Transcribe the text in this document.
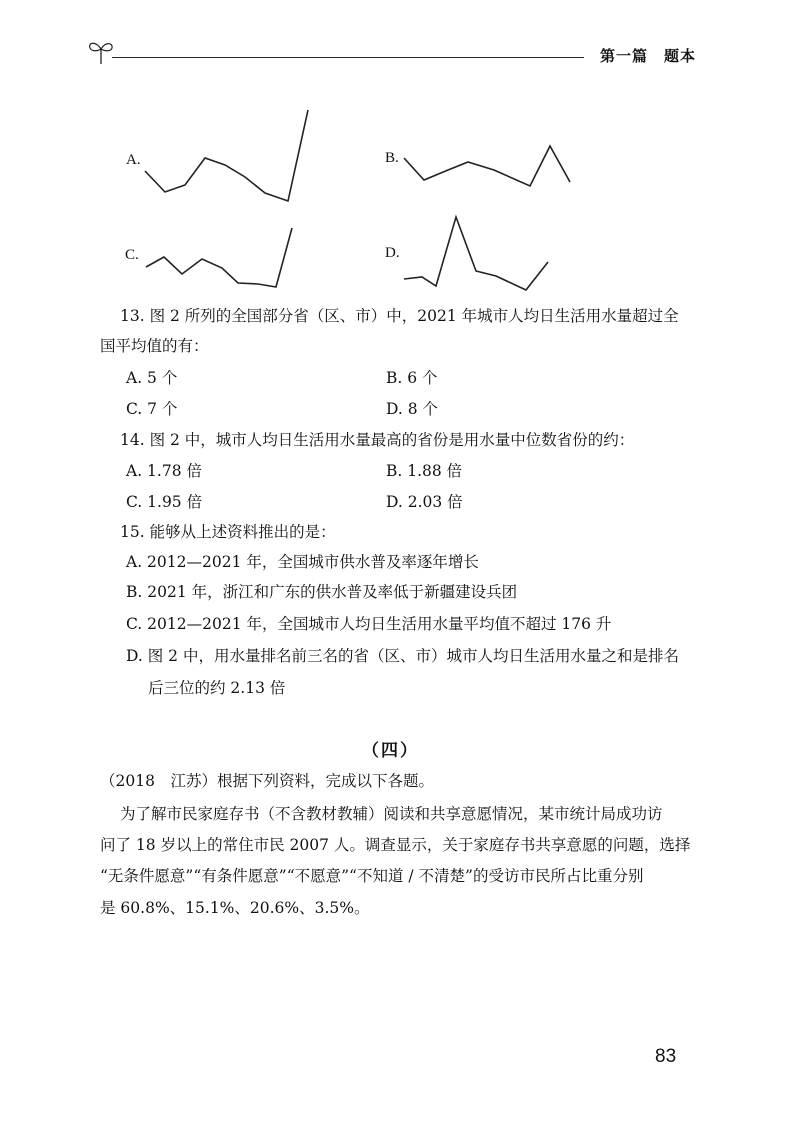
第一篇　题本
A.	B.
C.	D.
13. 图 2 所列的全国部分省（区、市）中，2021 年城市人均日生活用水量超过全
国平均值的有：
A. 5 个	B. 6 个
C. 7 个	D. 8 个
14. 图 2 中，城市人均日生活用水量最高的省份是用水量中位数省份的约：
A. 1.78 倍	B. 1.88 倍
C. 1.95 倍	D. 2.03 倍
15. 能够从上述资料推出的是：
A. 2012—2021 年，全国城市供水普及率逐年增长
B. 2021 年，浙江和广东的供水普及率低于新疆建设兵团
C. 2012—2021 年，全国城市人均日生活用水量平均值不超过 176 升
D. 图 2 中，用水量排名前三名的省（区、市）城市人均日生活用水量之和是排名
后三位的约 2.13 倍
（四）
（2018　江苏）根据下列资料，完成以下各题。
为了解市民家庭存书（不含教材教辅）阅读和共享意愿情况，某市统计局成功访
问了 18 岁以上的常住市民 2007 人。调查显示，关于家庭存书共享意愿的问题，选择
“无条件愿意”“有条件愿意”“不愿意”“不知道 / 不清楚”的受访市民所占比重分别
是 60.8%、15.1%、20.6%、3.5%。
83
